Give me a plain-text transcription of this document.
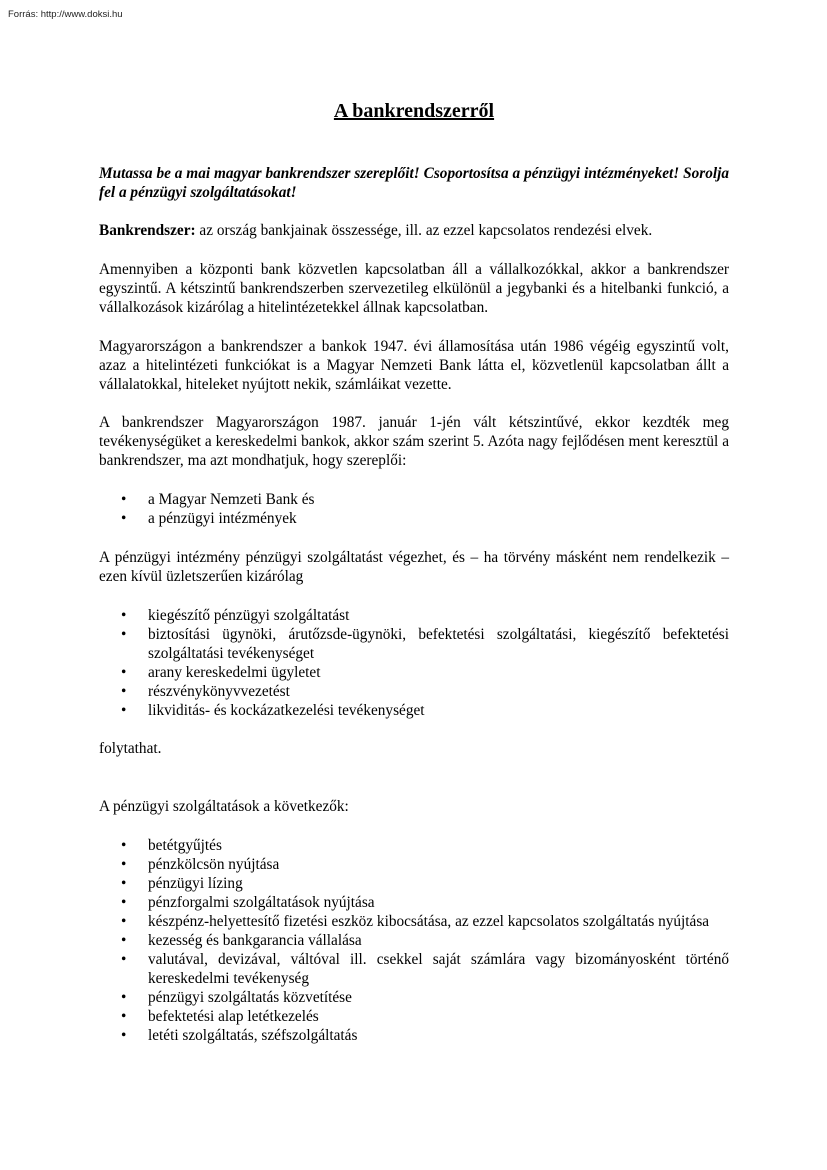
Forrás: http://www.doksi.hu
A bankrendszerről

Mutassa be a mai magyar bankrendszer szereplőit! Csoportosítsa a pénzügyi intézményeket! Sorolja fel a pénzügyi szolgáltatásokat!

Bankrendszer: az ország bankjainak összessége, ill. az ezzel kapcsolatos rendezési elvek.

Amennyiben a központi bank közvetlen kapcsolatban áll a vállalkozókkal, akkor a bankrendszer egyszintű. A kétszintű bankrendszerben szervezetileg elkülönül a jegybanki és a hitelbanki funkció, a vállalkozások kizárólag a hitelintézetekkel állnak kapcsolatban.

Magyarországon a bankrendszer a bankok 1947. évi államosítása után 1986 végéig egyszintű volt, azaz a hitelintézeti funkciókat is a Magyar Nemzeti Bank látta el, közvetlenül kapcsolatban állt a vállalatokkal, hiteleket nyújtott nekik, számláikat vezette.

A bankrendszer Magyarországon 1987. január 1-jén vált kétszintűvé, ekkor kezdték meg tevékenységüket a kereskedelmi bankok, akkor szám szerint 5. Azóta nagy fejlődésen ment keresztül a bankrendszer, ma azt mondhatjuk, hogy szereplői:

• a Magyar Nemzeti Bank és
• a pénzügyi intézmények

A pénzügyi intézmény pénzügyi szolgáltatást végezhet, és – ha törvény másként nem rendelkezik – ezen kívül üzletszerűen kizárólag

• kiegészítő pénzügyi szolgáltatást
• biztosítási ügynöki, árutőzsde-ügynöki, befektetési szolgáltatási, kiegészítő befektetési szolgáltatási tevékenységet
• arany kereskedelmi ügyletet
• részvénykönyvvezetést
• likviditás- és kockázatkezelési tevékenységet

folytathat.

A pénzügyi szolgáltatások a következők:

• betétgyűjtés
• pénzkölcsön nyújtása
• pénzügyi lízing
• pénzforgalmi szolgáltatások nyújtása
• készpénz-helyettesítő fizetési eszköz kibocsátása, az ezzel kapcsolatos szolgáltatás nyújtása
• kezesség és bankgarancia vállalása
• valutával, devizával, váltóval ill. csekkel saját számlára vagy bizományosként történő kereskedelmi tevékenység
• pénzügyi szolgáltatás közvetítése
• befektetési alap letétkezelés
• letéti szolgáltatás, széfszolgáltatás
